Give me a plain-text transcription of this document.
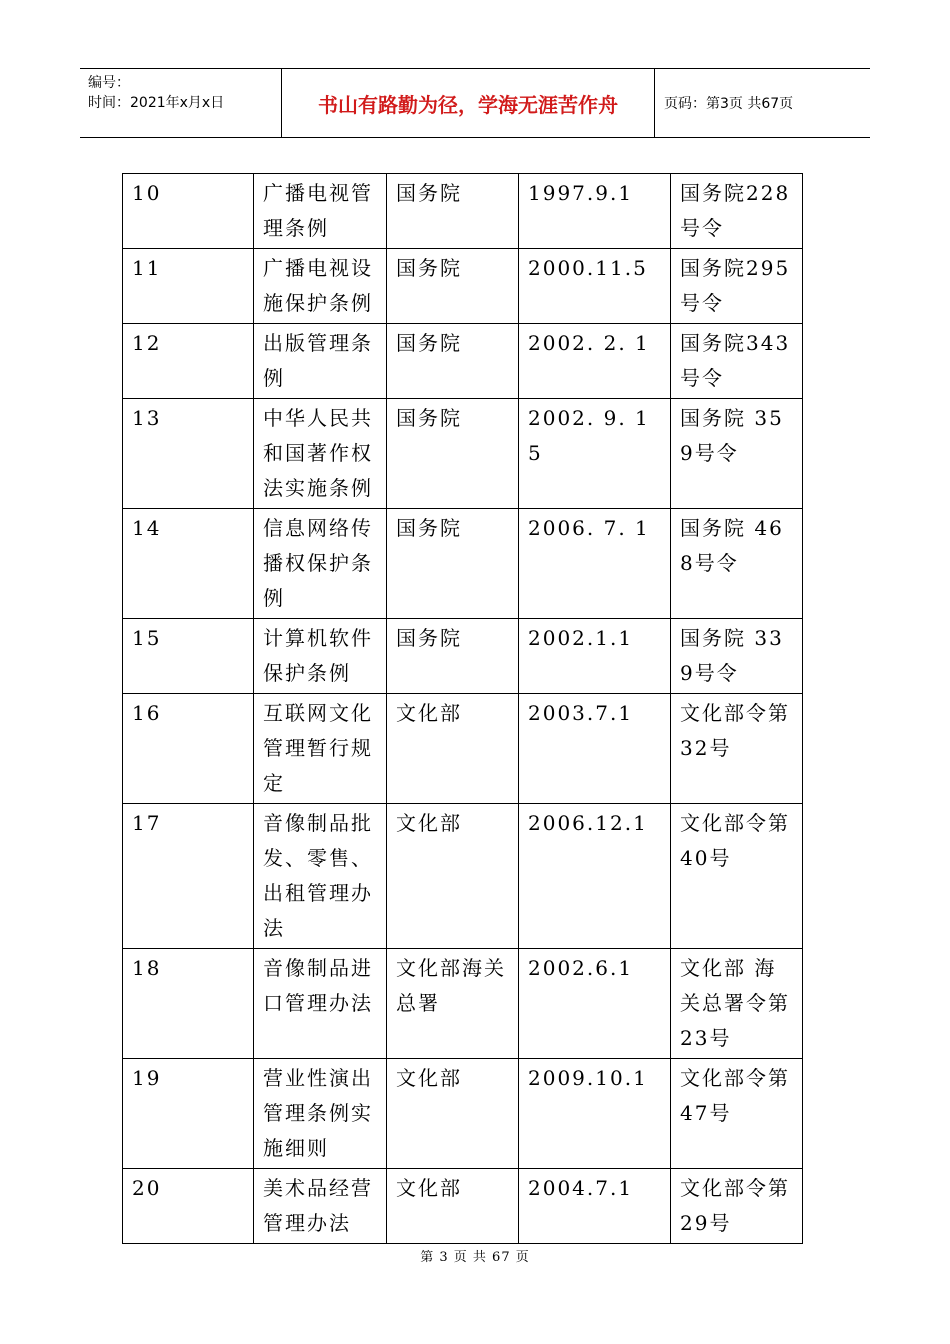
编号：
时间：2021年x月x日	书山有路勤为径，学海无涯苦作舟	页码：第3页 共67页
10	广播电视管理条例	国务院	1997.9.1	国务院228号令
11	广播电视设施保护条例	国务院	2000.11.5	国务院295号令
12	出版管理条例	国务院	2002. 2. 1	国务院343号令
13	中华人民共和国著作权法实施条例	国务院	2002. 9. 15	国务院 359号令
14	信息网络传播权保护条例	国务院	2006. 7. 1	国务院 468号令
15	计算机软件保护条例	国务院	2002.1.1	国务院 339号令
16	互联网文化管理暂行规定	文化部	2003.7.1	文化部令第32号
17	音像制品批发、零售、出租管理办法	文化部	2006.12.1	文化部令第40号
18	音像制品进口管理办法	文化部海关总署	2002.6.1	文化部 海关总署令第23号
19	营业性演出管理条例实施细则	文化部	2009.10.1	文化部令第47号
20	美术品经营管理办法	文化部	2004.7.1	文化部令第29号
第 3 页 共 67 页
